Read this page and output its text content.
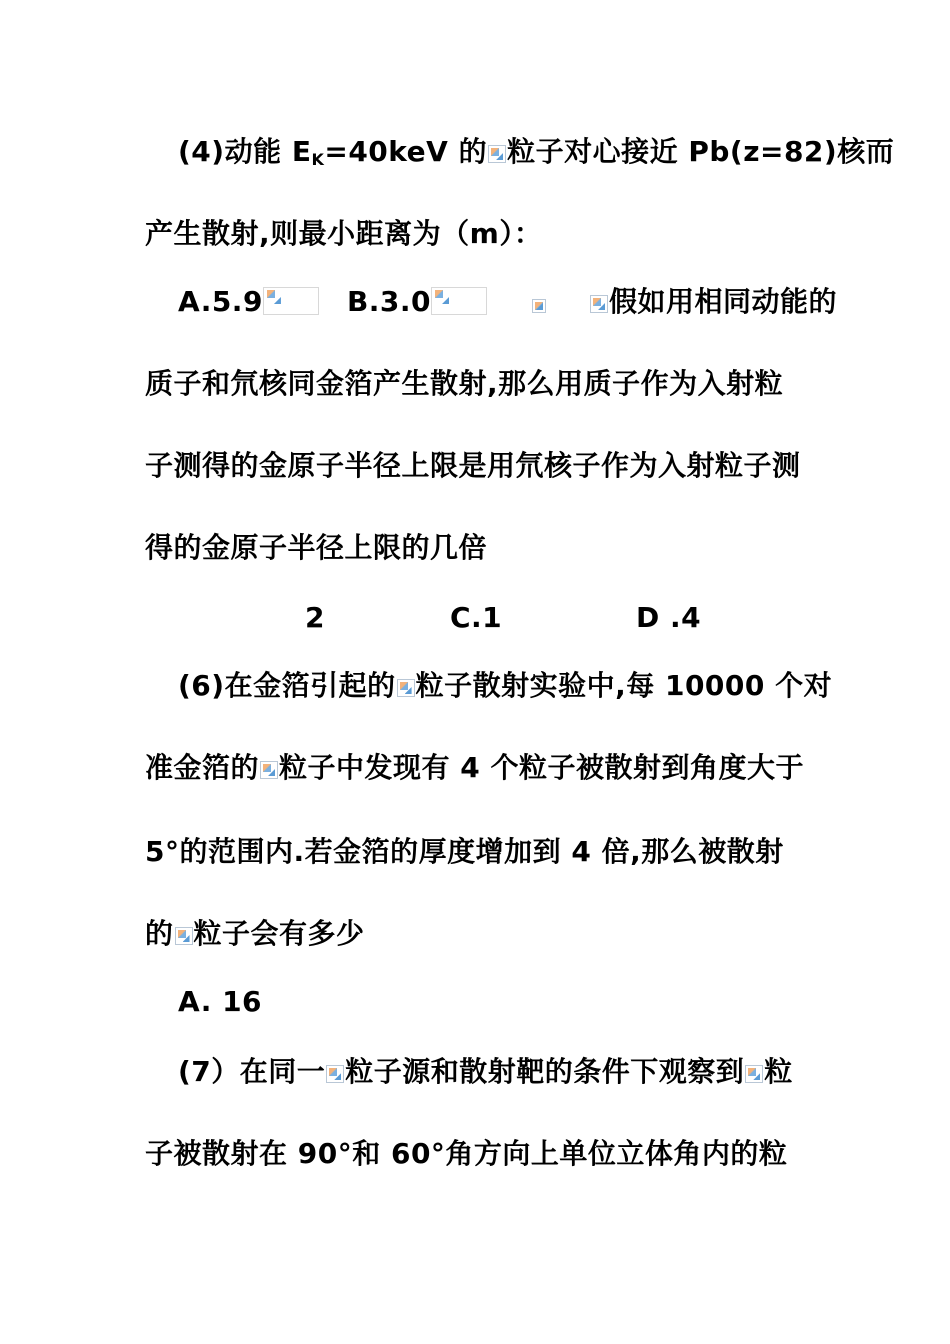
(4)动能 $E_K=40keV$ 的 粒子对心接近 Pb(z=82)核而
产生散射,则最小距离为（m）：
A.5.9	B.3.0	假如用相同动能的
质子和氘核同金箔产生散射,那么用质子作为入射粒
子测得的金原子半径上限是用氘核子作为入射粒子测
得的金原子半径上限的几倍
2	C.1	D .4
(6)在金箔引起的 粒子散射实验中,每 10000 个对
准金箔的 粒子中发现有 4 个粒子被散射到角度大于
5°的范围内.若金箔的厚度增加到 4 倍,那么被散射
的 粒子会有多少
A. 16
(7）在同一 粒子源和散射靶的条件下观察到 粒
子被散射在 90°和 60°角方向上单位立体角内的粒
